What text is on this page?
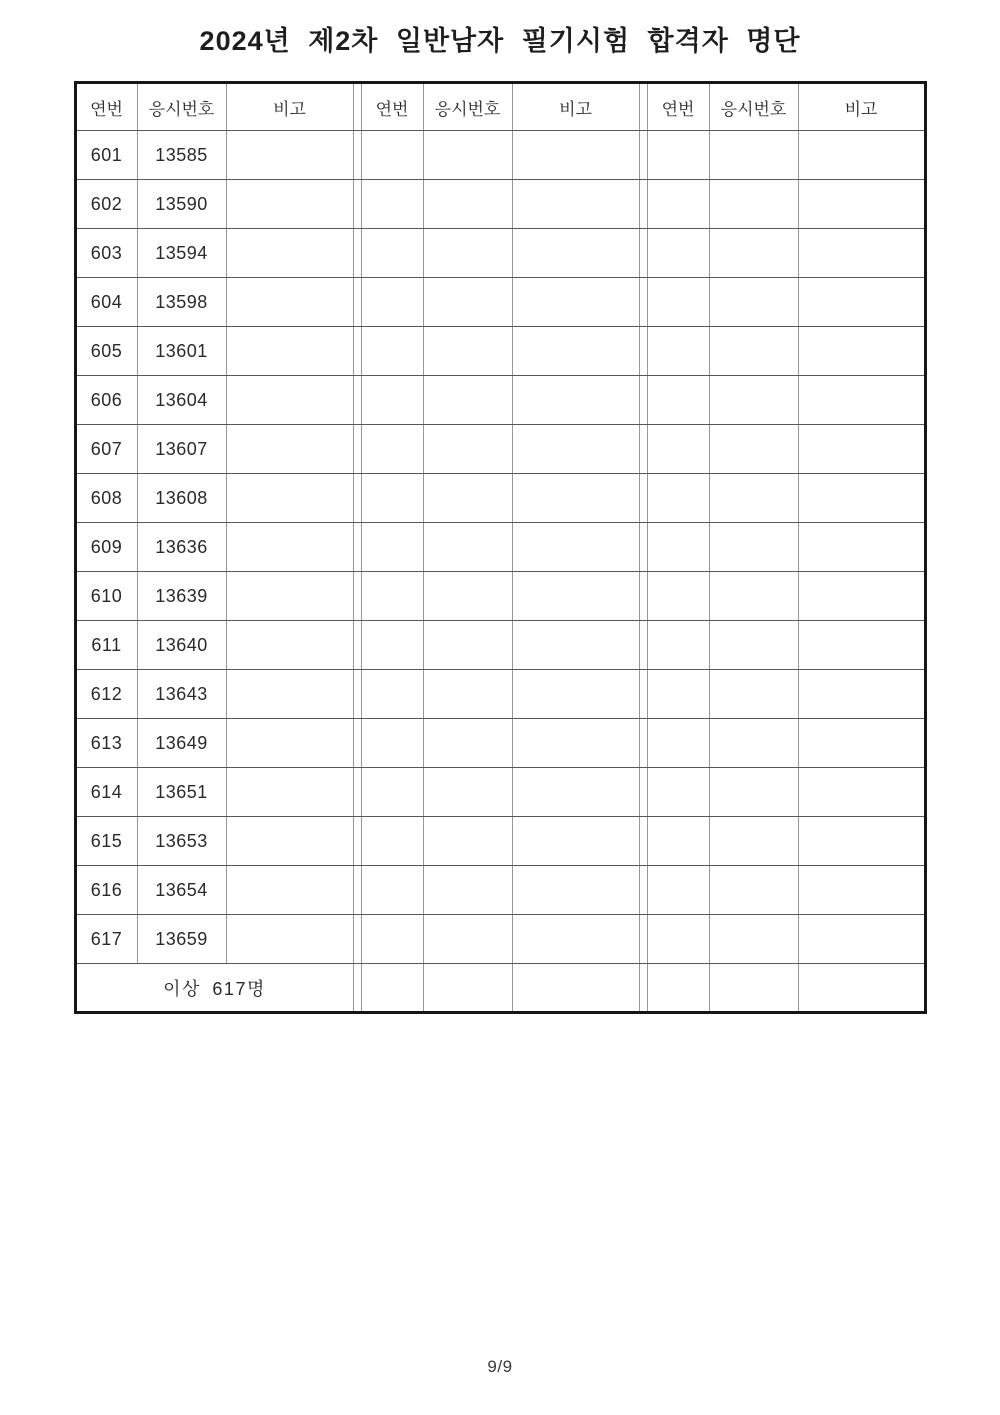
2024년 제2차 일반남자 필기시험 합격자 명단
연번	응시번호	비고		연번	응시번호	비고		연번	응시번호	비고
601	13585									
602	13590									
603	13594									
604	13598									
605	13601									
606	13604									
607	13607									
608	13608									
609	13636									
610	13639									
611	13640									
612	13643									
613	13649									
614	13651									
615	13653									
616	13654									
617	13659									
이상 617명										
9/9
